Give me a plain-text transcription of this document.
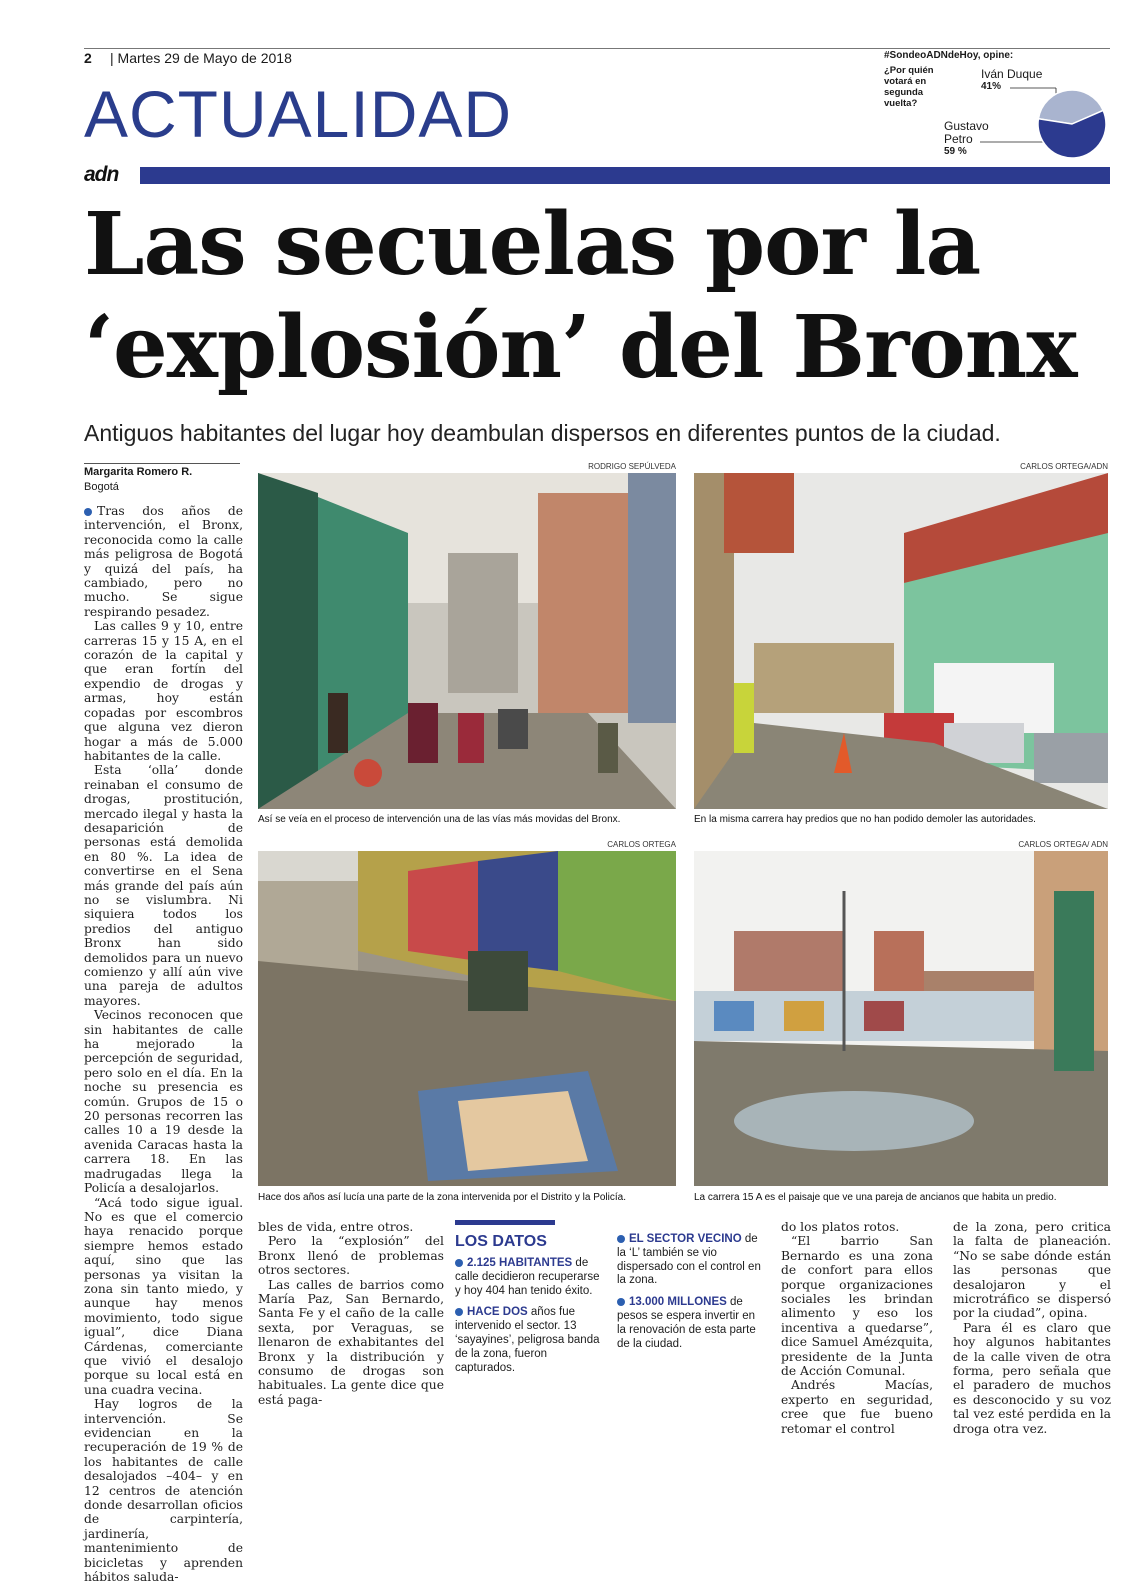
2 | Martes 29 de Mayo de 2018
ACTUALIDAD
adn
#SondeoADNdeHoy, opine:
¿Por quién votará en segunda vuelta?
Iván Duque
41%
Gustavo Petro
59 %
Las secuelas por la
‘explosión’ del Bronx
Antiguos habitantes del lugar hoy deambulan dispersos en diferentes puntos de la ciudad.
Margarita Romero R.
Bogotá

Tras dos años de intervención, el Bronx, reconocida como la calle más peligrosa de Bogotá y quizá del país, ha cambiado, pero no mucho. Se sigue respirando pesadez.

Las calles 9 y 10, entre carreras 15 y 15 A, en el corazón de la capital y que eran fortín del expendio de drogas y armas, hoy están copadas por escombros que alguna vez dieron hogar a más de 5.000 habitantes de la calle.

Esta ‘olla’ donde reinaban el consumo de drogas, prostitución, mercado ilegal y hasta la desaparición de personas está demolida en 80 %. La idea de convertirse en el Sena más grande del país aún no se vislumbra. Ni siquiera todos los predios del antiguo Bronx han sido demolidos para un nuevo comienzo y allí aún vive una pareja de adultos mayores.

Vecinos reconocen que sin habitantes de calle ha mejorado la percepción de seguridad, pero solo en el día. En la noche su presencia es común. Grupos de 15 o 20 personas recorren las calles 10 a 19 desde la avenida Caracas hasta la carrera 18. En las madrugadas llega la Policía a desalojarlos.

“Acá todo sigue igual. No es que el comercio haya renacido porque siempre hemos estado aquí, sino que las personas ya visitan la zona sin tanto miedo, y aunque hay menos movimiento, todo sigue igual”, dice Diana Cárdenas, comerciante que vivió el desalojo porque su local está en una cuadra vecina.

Hay logros de la intervención. Se evidencian en la recuperación de 19 % de los habitantes de calle desalojados –404– y en 12 centros de atención donde desarrollan oficios de carpintería, jardinería, mantenimiento de bicicletas y aprenden hábitos saluda-

RODRIGO SEPÚLVEDA
Así se veía en el proceso de intervención una de las vías más movidas del Bronx.
CARLOS ORTEGA/ADN
En la misma carrera hay predios que no han podido demoler las autoridades.
CARLOS ORTEGA
Hace dos años así lucía una parte de la zona intervenida por el Distrito y la Policía.
CARLOS ORTEGA/ ADN
La carrera 15 A es el paisaje que ve una pareja de ancianos que habita un predio.

bles de vida, entre otros.

Pero la “explosión” del Bronx llenó de problemas otros sectores.

Las calles de barrios como María Paz, San Bernardo, Santa Fe y el caño de la calle sexta, por Veraguas, se llenaron de exhabitantes del Bronx y la distribución y consumo de drogas son habituales. La gente dice que está paga-

LOS DATOS
2.125 HABITANTES de calle decidieron recuperarse y hoy 404 han tenido éxito.
HACE DOS años fue intervenido el sector. 13 ‘sayayines’, peligrosa banda de la zona, fueron capturados.
EL SECTOR VECINO de la ‘L’ también se vio dispersado con el control en la zona.
13.000 MILLONES de pesos se espera invertir en la renovación de esta parte de la ciudad.

do los platos rotos.

“El barrio San Bernardo es una zona de confort para ellos porque organizaciones sociales les brindan alimento y eso los incentiva a quedarse”, dice Samuel Amézquita, presidente de la Junta de Acción Comunal.

Andrés Macías, experto en seguridad, cree que fue bueno retomar el control

de la zona, pero critica la falta de planeación. “No se sabe dónde están las personas que desalojaron y el microtráfico se dispersó por la ciudad”, opina.

Para él es claro que hoy algunos habitantes de la calle viven de otra forma, pero señala que el paradero de muchos es desconocido y su voz tal vez esté perdida en la droga otra vez.
